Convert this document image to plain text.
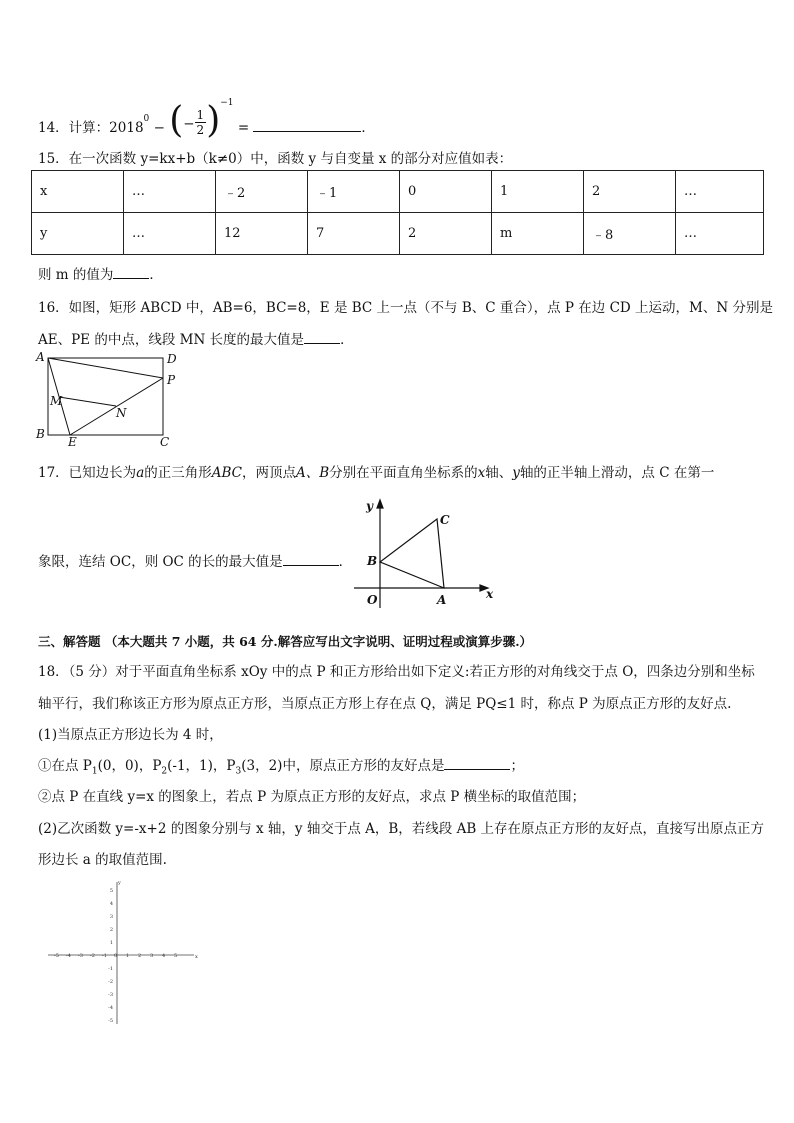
14．计算：$2018^0$ − (− $\frac{1}{2} )^{-1}$ =	．
15．在一次函数 y=kx+b（k≠0）中，函数 y 与自变量 x 的部分对应值如表：
x	…	﹣2	﹣1	0	1	2	…
y	…	12	7	2	m	﹣8	…
则 m 的值为	．
16．如图，矩形 ABCD 中，AB=6，BC=8，E 是 BC 上一点（不与 B、C 重合），点 P 在边 CD 上运动，M、N 分别是
AE、PE 的中点，线段 MN 长度的最大值是	．
A	D
P
M
N
B
E	C
17．已知边长为a的正三角形ABC，两顶点A、B分别在平面直角坐标系的x轴、y轴的正半轴上滑动，点 C 在第一
象限，连结 OC，则 OC 的长的最大值是	．
y
x
O	A
B
C
三、解答题 （本大题共 7 小题，共 64 分.解答应写出文字说明、证明过程或演算步骤.）
18．（5 分）对于平面直角坐标系 xOy 中的点 P 和正方形给出如下定义:若正方形的对角线交于点 O，四条边分别和坐标
轴平行，我们称该正方形为原点正方形，当原点正方形上存在点 Q，满足 PQ≤1 时，称点 P 为原点正方形的友好点.
(1)当原点正方形边长为 4 时，
①在点 $P_1(0$，0)，$P_2(-1$，1)，$P_3(3$，2)中，原点正方形的友好点是	；
②点 P 在直线 y=x 的图象上，若点 P 为原点正方形的友好点，求点 P 横坐标的取值范围；
(2)乙次函数 y=-x+2 的图象分别与 x 轴，y 轴交于点 A，B，若线段 AB 上存在原点正方形的友好点，直接写出原点正方
形边长 a 的取值范围.
-5 -4 -3 -2 -1 0 1 2 3 4 5
5
4
3
2
1
-1
-2
-3
-4
-5
x
y
